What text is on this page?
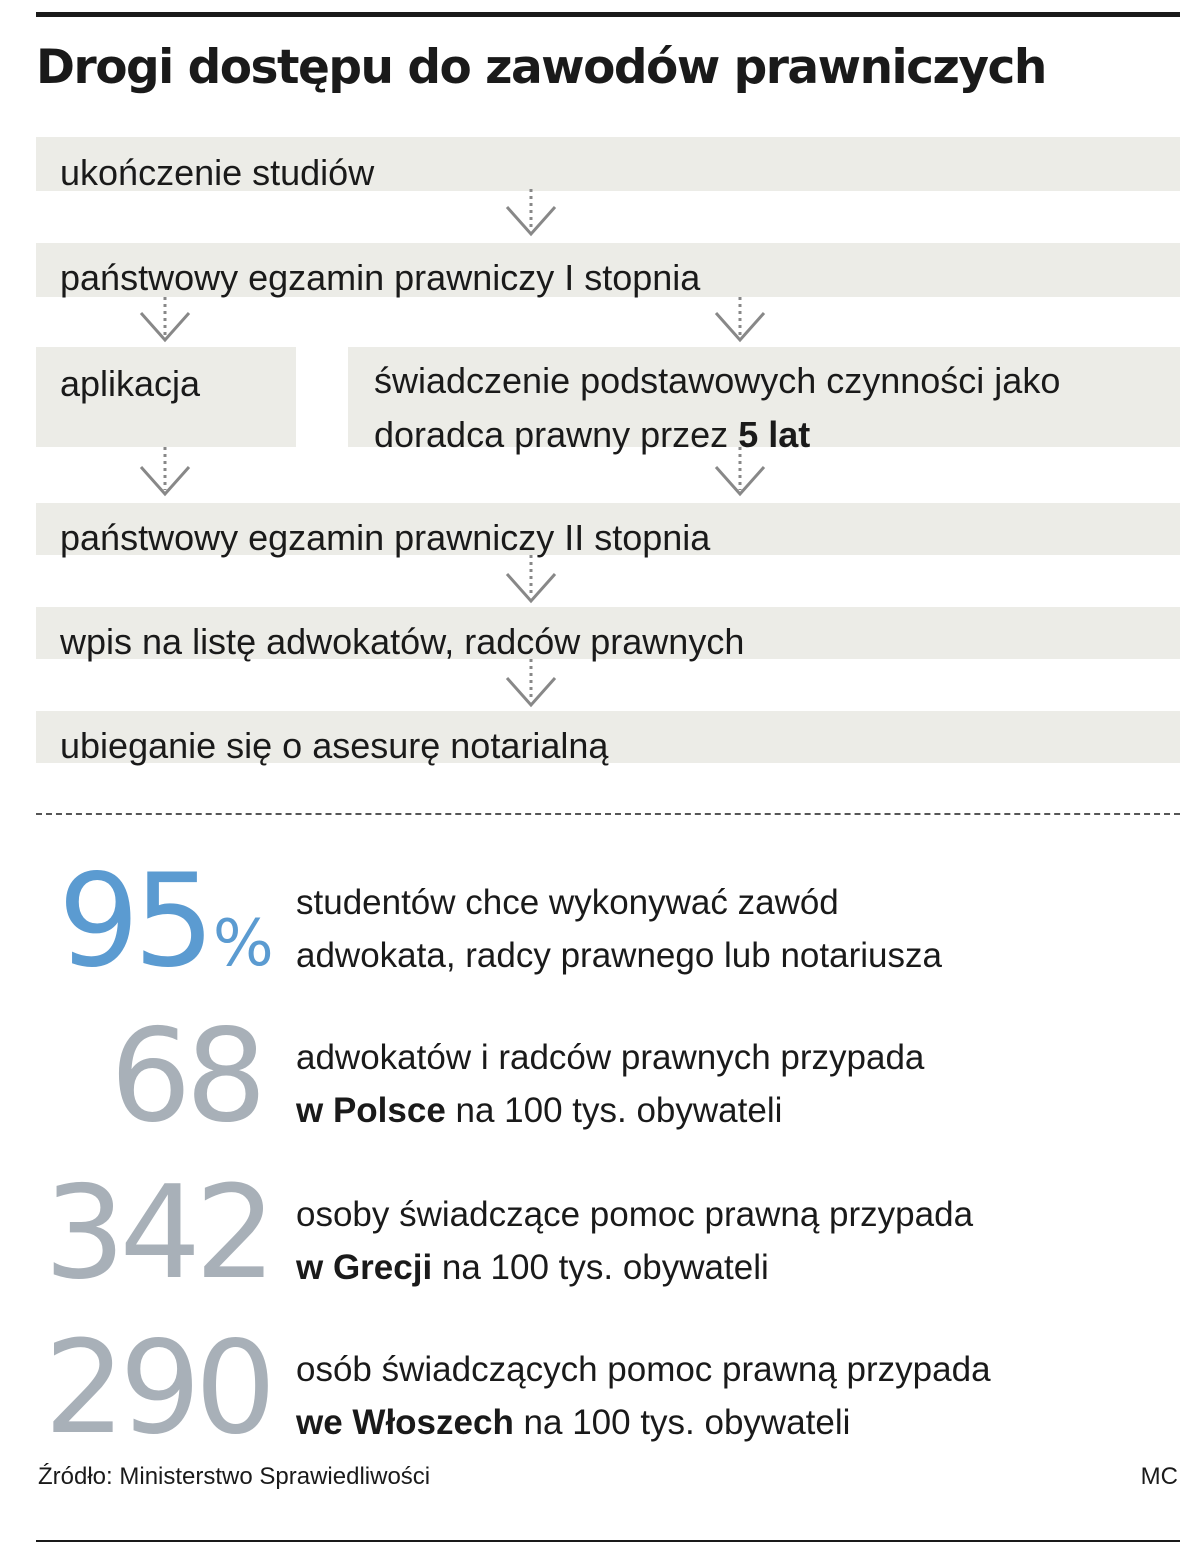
Drogi dostępu do zawodów prawniczych
ukończenie studiów
państwowy egzamin prawniczy I stopnia
aplikacja	świadczenie podstawowych czynności jako doradca prawny przez 5 lat
państwowy egzamin prawniczy II stopnia
wpis na listę adwokatów, radców prawnych
ubieganie się o asesurę notarialną
95%
studentów chce wykonywać zawód
adwokata, radcy prawnego lub notariusza
68 adwokatów i radców prawnych przypada
w Polsce na 100 tys. obywateli
342 osoby świadczące pomoc prawną przypada
w Grecji na 100 tys. obywateli
290 osób świadczących pomoc prawną przypada
we Włoszech na 100 tys. obywateli
Źródło: Ministerstwo Sprawiedliwości	MC
